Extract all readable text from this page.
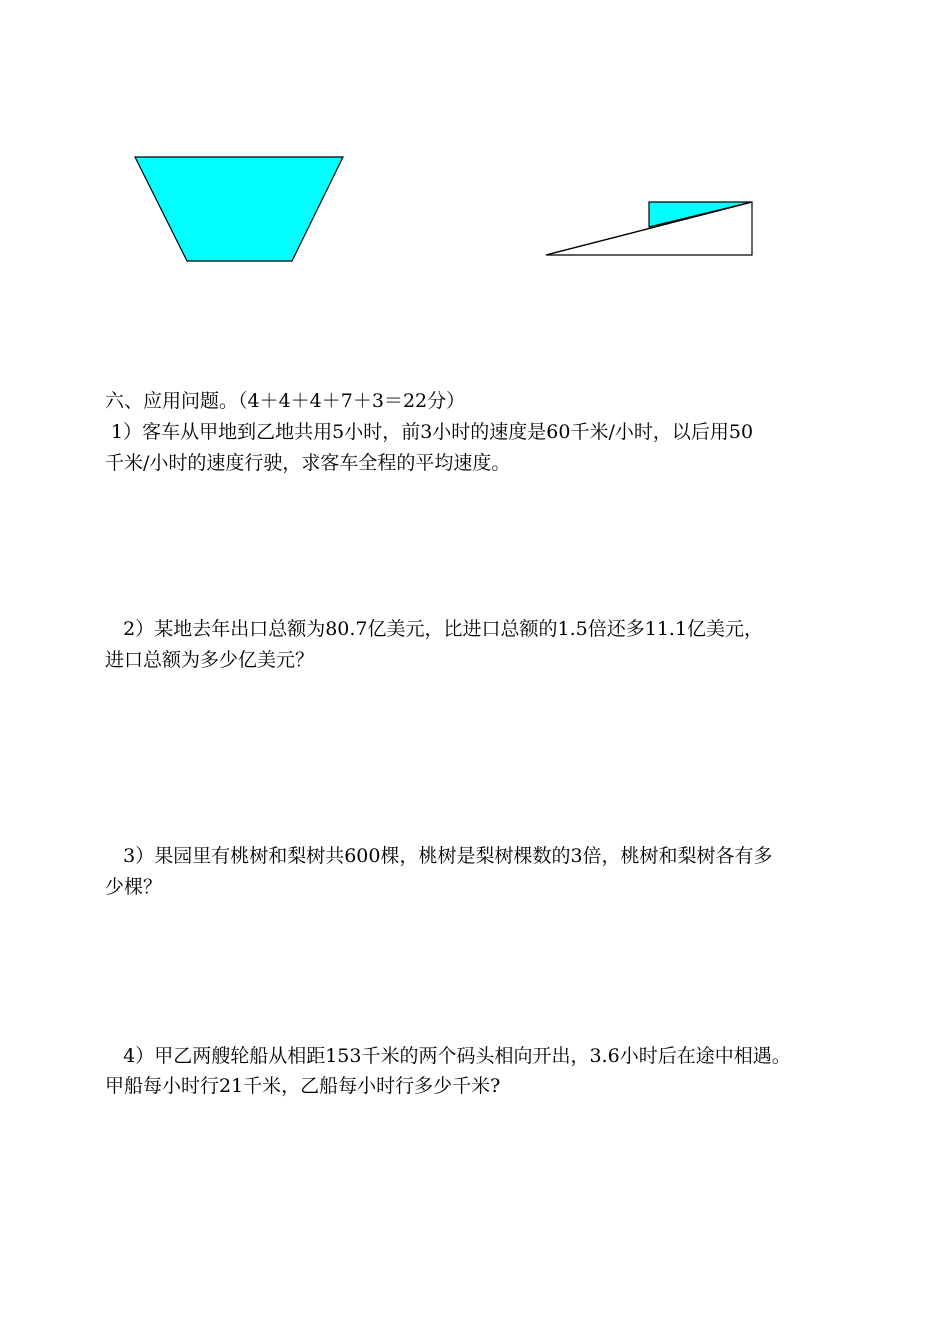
六、应用问题。（4＋4＋4＋7＋3＝22分）
1）客车从甲地到乙地共用5小时，前3小时的速度是60千米/小时，以后用50
千米/小时的速度行驶，求客车全程的平均速度。
2）某地去年出口总额为80.7亿美元，比进口总额的1.5倍还多11.1亿美元，
进口总额为多少亿美元？
3）果园里有桃树和梨树共600棵，桃树是梨树棵数的3倍，桃树和梨树各有多
少棵？
4）甲乙两艘轮船从相距153千米的两个码头相向开出，3.6小时后在途中相遇。
甲船每小时行21千米，乙船每小时行多少千米?
